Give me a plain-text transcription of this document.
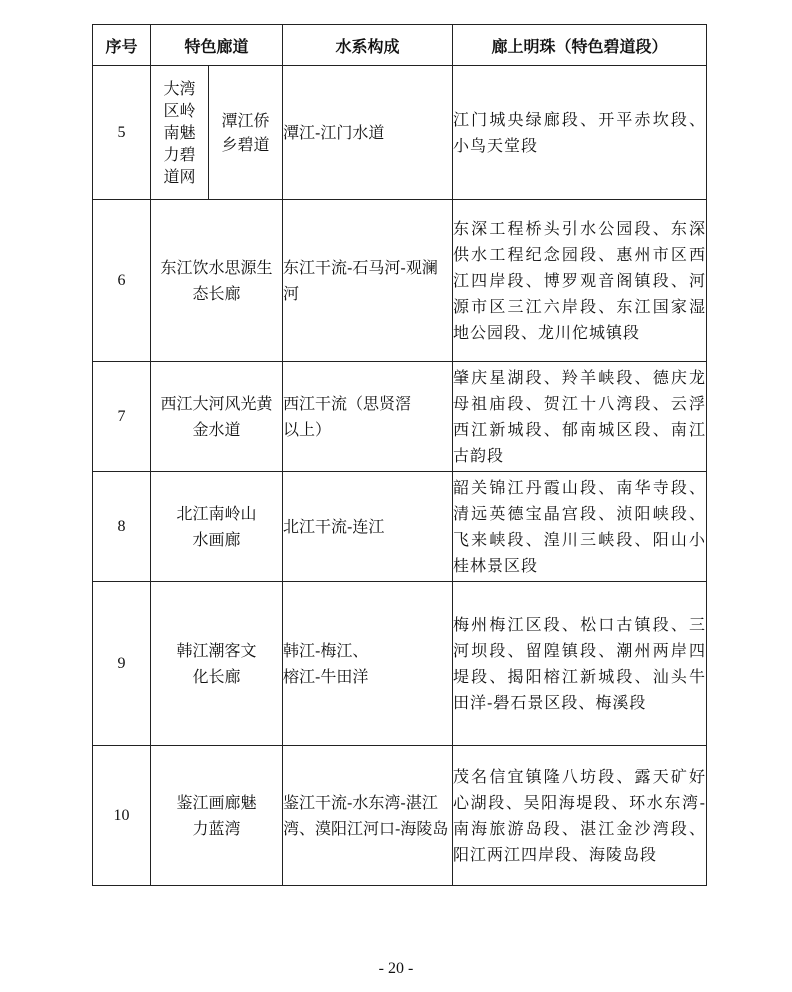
序号	特色廊道		水系构成	廊上明珠（特色碧道段）
5	大湾区岭南魅力碧道网	潭江侨乡碧道	潭江-江门水道	江门城央绿廊段、开平赤坎段、小鸟天堂段
6	东江饮水思源生态长廊		东江干流-石马河-观澜河	东深工程桥头引水公园段、东深供水工程纪念园段、惠州市区西江四岸段、博罗观音阁镇段、河源市区三江六岸段、东江国家湿地公园段、龙川佗城镇段
7	西江大河风光黄金水道		西江干流（思贤滘以上）	肇庆星湖段、羚羊峡段、德庆龙母祖庙段、贺江十八湾段、云浮西江新城段、郁南城区段、南江古韵段
8	北江南岭山水画廊		北江干流-连江	韶关锦江丹霞山段、南华寺段、清远英德宝晶宫段、浈阳峡段、飞来峡段、湟川三峡段、阳山小桂林景区段
9	韩江潮客文化长廊		韩江-梅江、榕江-牛田洋	梅州梅江区段、松口古镇段、三河坝段、留隍镇段、潮州两岸四堤段、揭阳榕江新城段、汕头牛田洋-礐石景区段、梅溪段
10	鉴江画廊魅力蓝湾		鉴江干流-水东湾-湛江湾、漠阳江河口-海陵岛	茂名信宜镇隆八坊段、露天矿好心湖段、吴阳海堤段、环水东湾-南海旅游岛段、湛江金沙湾段、阳江两江四岸段、海陵岛段
- 20 -
